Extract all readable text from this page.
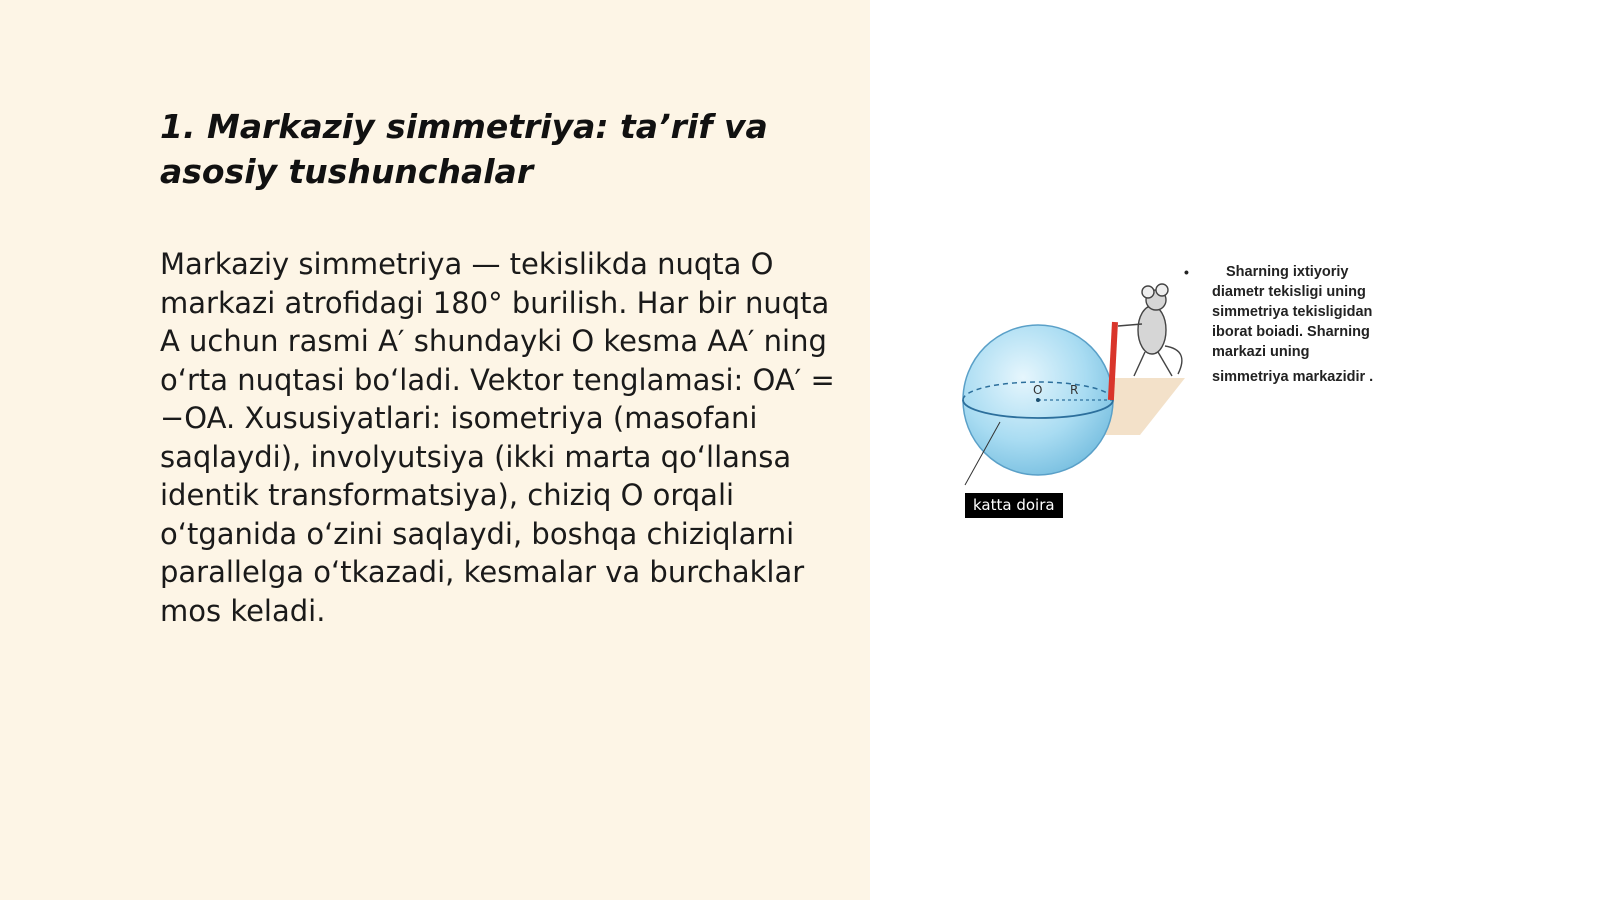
1. Markaziy simmetriya: ta’rif va asosiy tushunchalar

Markaziy simmetriya — tekislikda nuqta O markazi atrofidagi 180° burilish. Har bir nuqta A uchun rasmi A′ shundayki O kesma AA′ ning o‘rta nuqtasi bo‘ladi. Vektor tenglamasi: OA′ = −OA. Xususiyatlari: isometriya (masofani saqlaydi), involyutsiya (ikki marta qo‘llansa identik transformatsiya), chiziq O orqali o‘tganida o‘zini saqlaydi, boshqa chiziqlarni parallelga o‘tkazadi, kesmalar va burchaklar mos keladi.

O R
katta doira
•	Sharning ixtiyoriy
diametr tekisligi uning
simmetriya tekisligidan
iborat boiadi. Sharning
markazi uning
simmetriya markazidir .
